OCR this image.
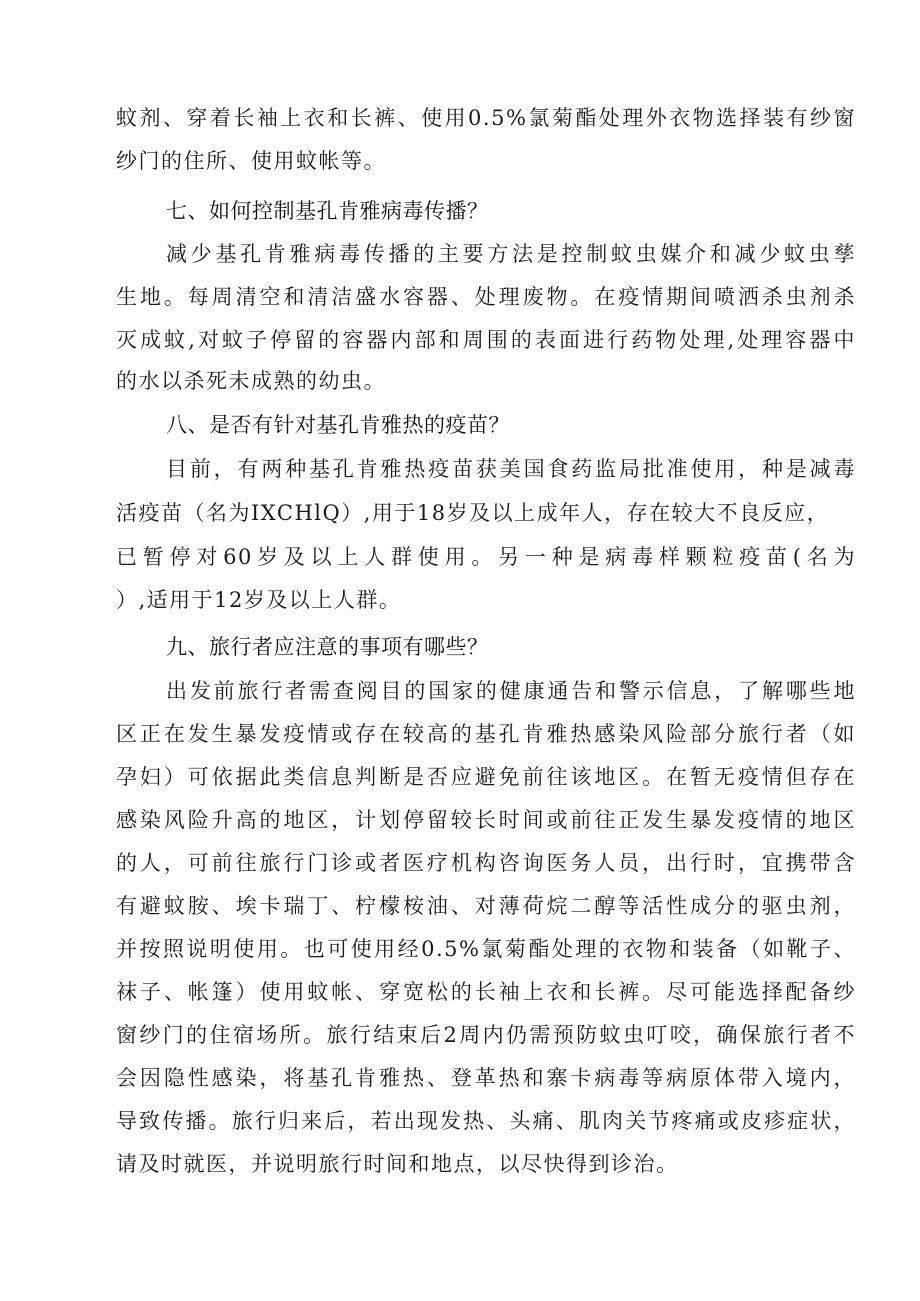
蚊剂、穿着长袖上衣和长裤、使用0.5%氯菊酯处理外衣物选择装有纱窗
纱门的住所、使用蚊帐等。
七、如何控制基孔肯雅病毒传播？
减少基孔肯雅病毒传播的主要方法是控制蚊虫媒介和减少蚊虫孳
生地。每周清空和清洁盛水容器、处理废物。在疫情期间喷洒杀虫剂杀
灭成蚊,对蚊子停留的容器内部和周围的表面进行药物处理,处理容器中
的水以杀死未成熟的幼虫。
八、是否有针对基孔肯雅热的疫苗？
目前，有两种基孔肯雅热疫苗获美国食药监局批准使用，种是减毒
活疫苗（名为IXCHlQ）,用于18岁及以上成年人，存在较大不良反应，
已暂停对60岁及以上人群使用。另一种是病毒样颗粒疫苗(名为
）,适用于12岁及以上人群。
九、旅行者应注意的事项有哪些？
出发前旅行者需查阅目的国家的健康通告和警示信息，了解哪些地
区正在发生暴发疫情或存在较高的基孔肯雅热感染风险部分旅行者（如
孕妇）可依据此类信息判断是否应避免前往该地区。在暂无疫情但存在
感染风险升高的地区，计划停留较长时间或前往正发生暴发疫情的地区
的人，可前往旅行门诊或者医疗机构咨询医务人员，出行时，宜携带含
有避蚊胺、埃卡瑞丁、柠檬桉油、对薄荷烷二醇等活性成分的驱虫剂，
并按照说明使用。也可使用经0.5%氯菊酯处理的衣物和装备（如靴子、
袜子、帐篷）使用蚊帐、穿宽松的长袖上衣和长裤。尽可能选择配备纱
窗纱门的住宿场所。旅行结束后2周内仍需预防蚊虫叮咬，确保旅行者不
会因隐性感染，将基孔肯雅热、登革热和寨卡病毒等病原体带入境内，
导致传播。旅行归来后，若出现发热、头痛、肌肉关节疼痛或皮疹症状，
请及时就医，并说明旅行时间和地点，以尽快得到诊治。
